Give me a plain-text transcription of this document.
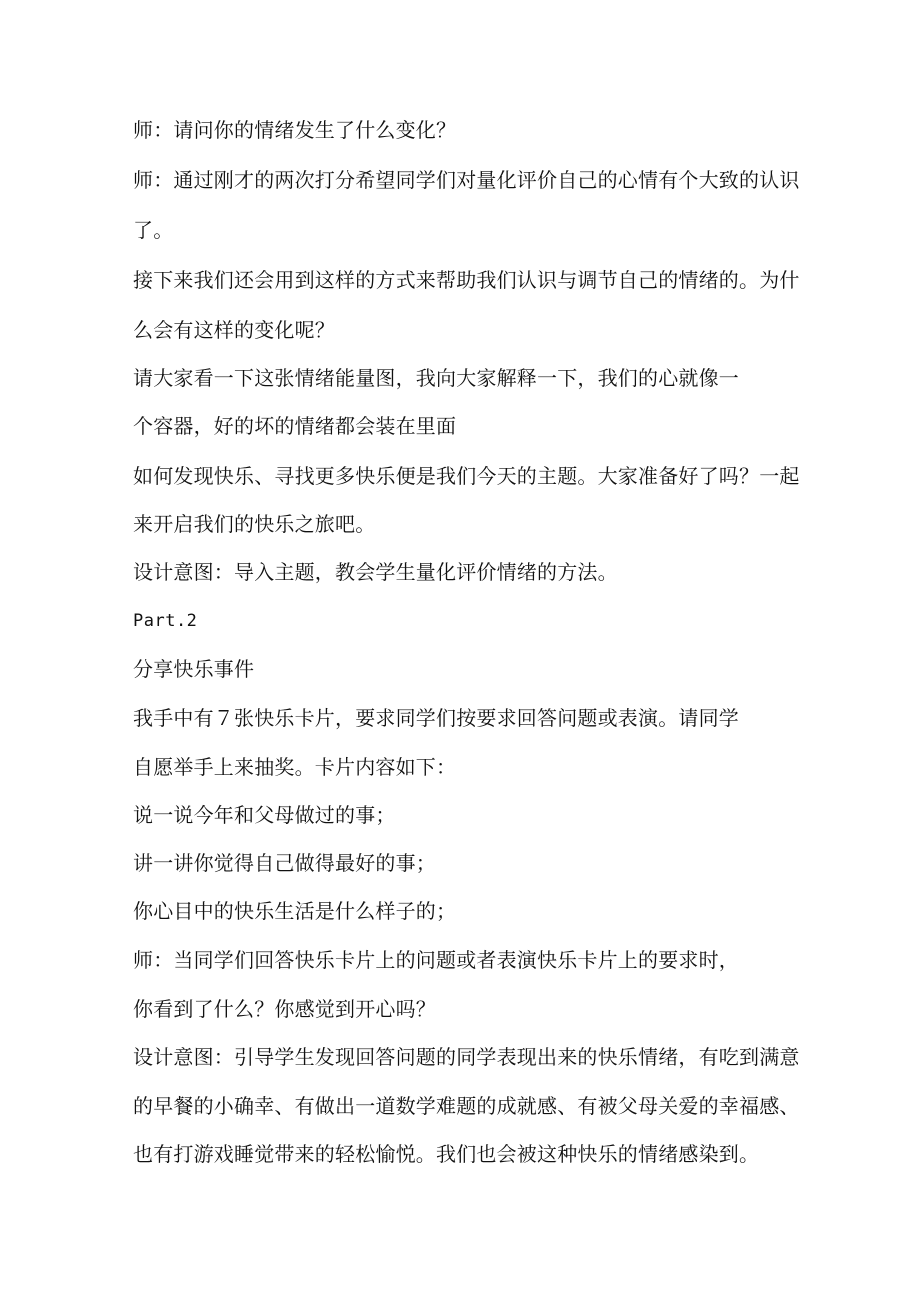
师：请问你的情绪发生了什么变化？
师：通过刚才的两次打分希望同学们对量化评价自己的心情有个大致的认识
了。
接下来我们还会用到这样的方式来帮助我们认识与调节自己的情绪的。为什
么会有这样的变化呢？
请大家看一下这张情绪能量图，我向大家解释一下，我们的心就像一
个容器，好的坏的情绪都会装在里面
如何发现快乐、寻找更多快乐便是我们今天的主题。大家准备好了吗？一起
来开启我们的快乐之旅吧。
设计意图：导入主题，教会学生量化评价情绪的方法。
Part.2
分享快乐事件
我手中有７张快乐卡片，要求同学们按要求回答问题或表演。请同学
自愿举手上来抽奖。卡片内容如下：
说一说今年和父母做过的事；
讲一讲你觉得自己做得最好的事；
你心目中的快乐生活是什么样子的；
师：当同学们回答快乐卡片上的问题或者表演快乐卡片上的要求时，
你看到了什么？你感觉到开心吗？
设计意图：引导学生发现回答问题的同学表现出来的快乐情绪，有吃到满意
的早餐的小确幸、有做出一道数学难题的成就感、有被父母关爱的幸福感、
也有打游戏睡觉带来的轻松愉悦。我们也会被这种快乐的情绪感染到。
